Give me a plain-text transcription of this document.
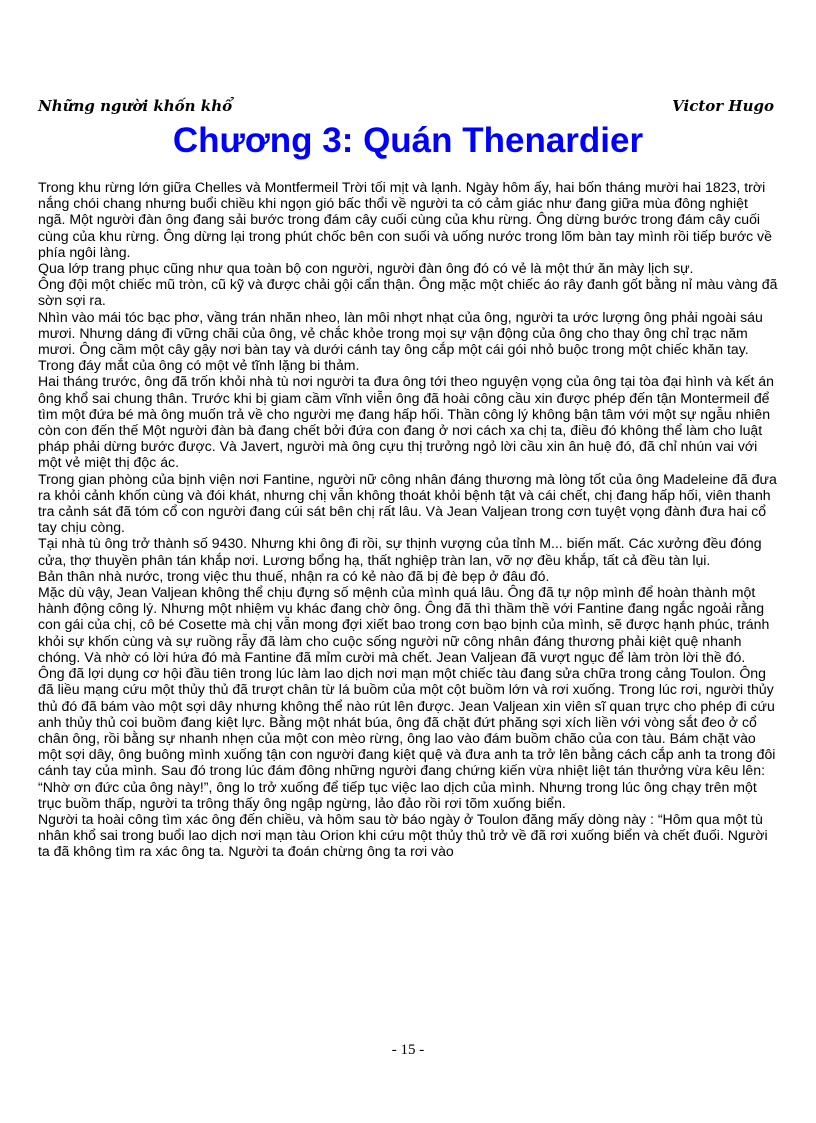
Những người khốn khổ	Victor Hugo
Chương 3: Quán Thenardier

Trong khu rừng lớn giữa Chelles và Montfermeil Trời tối mịt và lạnh. Ngày hôm ấy, hai bốn tháng mười hai 1823, trời nắng chói chang nhưng buổi chiều khi ngọn gió bấc thổi về người ta có cảm giác như đang giữa mùa đông nghiệt ngã. Một người đàn ông đang sải bước trong đám cây cuối cùng của khu rừng. Ông dừng bước trong đám cây cuối cùng của khu rừng. Ông dừng lại trong phút chốc bên con suối và uống nước trong lõm bàn tay mình rồi tiếp bước về phía ngôi làng.

Qua lớp trang phục cũng như qua toàn bộ con người, người đàn ông đó có vẻ là một thứ ăn mày lịch sự.

Ông đội một chiếc mũ tròn, cũ kỹ và được chải gội cẩn thận. Ông mặc một chiếc áo rây đanh gốt bằng nỉ màu vàng đã sờn sợi ra.

Nhìn vào mái tóc bạc phơ, vầng trán nhăn nheo, làn môi nhợt nhạt của ông, người ta ước lượng ông phải ngoài sáu mươi. Nhưng dáng đi vững chãi của ông, vẻ chắc khỏe trong mọi sự vận động của ông cho thay ông chỉ trạc năm mươi. Ông cầm một cây gậy nơi bàn tay và dưới cánh tay ông cắp một cái gói nhỏ buộc trong một chiếc khăn tay. Trong đáy mắt của ông có một vẻ tĩnh lặng bi thảm.

Hai tháng trước, ông đã trốn khỏi nhà tù nơi người ta đưa ông tới theo nguyện vọng của ông tại tòa đại hình và kết án ông khổ sai chung thân. Trước khi bị giam cầm vĩnh viễn ông đã hoài công cầu xin được phép đến tận Montermeil để tìm một đứa bé mà ông muốn trả về cho người mẹ đang hấp hối. Thần công lý không bận tâm với một sự ngẫu nhiên còn con đến thế Một người đàn bà đang chết bởi đứa con đang ở nơi cách xa chị ta, điều đó không thể làm cho luật pháp phải dừng bước được. Và Javert, người mà ông cựu thị trưởng ngỏ lời cầu xin ân huệ đó, đã chỉ nhún vai với một vẻ miệt thị độc ác.

Trong gian phòng của bịnh viện nơi Fantine, người nữ công nhân đáng thương mà lòng tốt của ông Madeleine đã đưa ra khỏi cảnh khốn cùng và đói khát, nhưng chị vẫn không thoát khỏi bệnh tật và cái chết, chị đang hấp hối, viên thanh tra cảnh sát đã tóm cổ con người đang cúi sát bên chị rất lâu. Và Jean Valjean trong cơn tuyệt vọng đành đưa hai cổ tay chịu còng.

Tại nhà tù ông trở thành số 9430. Nhưng khi ông đi rồi, sự thịnh vượng của tỉnh M... biến mất. Các xưởng đều đóng cửa, thợ thuyền phân tán khắp nơi. Lương bổng hạ, thất nghiệp tràn lan, vỡ nợ đều khắp, tất cả đều tàn lụi.

Bản thân nhà nước, trong việc thu thuế, nhận ra có kẻ nào đã bị đè bẹp ở đâu đó.

Mặc dù vậy, Jean Valjean không thể chịu đựng số mệnh của mình quá lâu. Ông đã tự nộp mình để hoàn thành một hành động công lý. Nhưng một nhiệm vụ khác đang chờ ông. Ông đã thì thầm thề với Fantine đang ngắc ngoải rằng con gái của chị, cô bé Cosette mà chị vẫn mong đợi xiết bao trong cơn bạo bịnh của mình, sẽ được hạnh phúc, tránh khỏi sự khốn cùng và sự ruồng rẫy đã làm cho cuộc sống người nữ công nhân đáng thương phải kiệt quệ nhanh chóng. Và nhờ có lời hứa đó mà Fantine đã mỉm cười mà chết. Jean Valjean đã vượt ngục để làm tròn lời thề đó.

Ông đã lợi dụng cơ hội đầu tiên trong lúc làm lao dịch nơi mạn một chiếc tàu đang sửa chữa trong cảng Toulon. Ông đã liều mạng cứu một thủy thủ đã trượt chân từ lá buồm của một cột buồm lớn và rơi xuống. Trong lúc rơi, người thủy thủ đó đã bám vào một sợi dây nhưng không thể nào rút lên được. Jean Valjean xin viên sĩ quan trực cho phép đi cứu anh thủy thủ coi buồm đang kiệt lực. Bằng một nhát búa, ông đã chặt đứt phăng sợi xích liền với vòng sắt đeo ở cổ chân ông, rồi bằng sự nhanh nhẹn của một con mèo rừng, ông lao vào đám buồm chão của con tàu. Bám chặt vào một sợi dây, ông buông mình xuống tận con người đang kiệt quệ và đưa anh ta trở lên bằng cách cắp anh ta trong đôi cánh tay của mình. Sau đó trong lúc đám đông những người đang chứng kiến vừa nhiệt liệt tán thưởng vừa kêu lên: “Nhờ ơn đức của ông này!”, ông lo trở xuống để tiếp tục việc lao dịch của mình. Nhưng trong lúc ông chạy trên một trục buồm thấp, người ta trông thấy ông ngập ngừng, lảo đảo rồi rơi tõm xuống biển.

Người ta hoài công tìm xác ông đến chiều, và hôm sau tờ báo ngày ở Toulon đăng mấy dòng này : “Hôm qua một tù nhân khổ sai trong buổi lao dịch nơi mạn tàu Orion khi cứu một thủy thủ trở về đã rơi xuống biển và chết đuối. Người ta đã không tìm ra xác ông ta. Người ta đoán chừng ông ta rơi vào

- 15 -
